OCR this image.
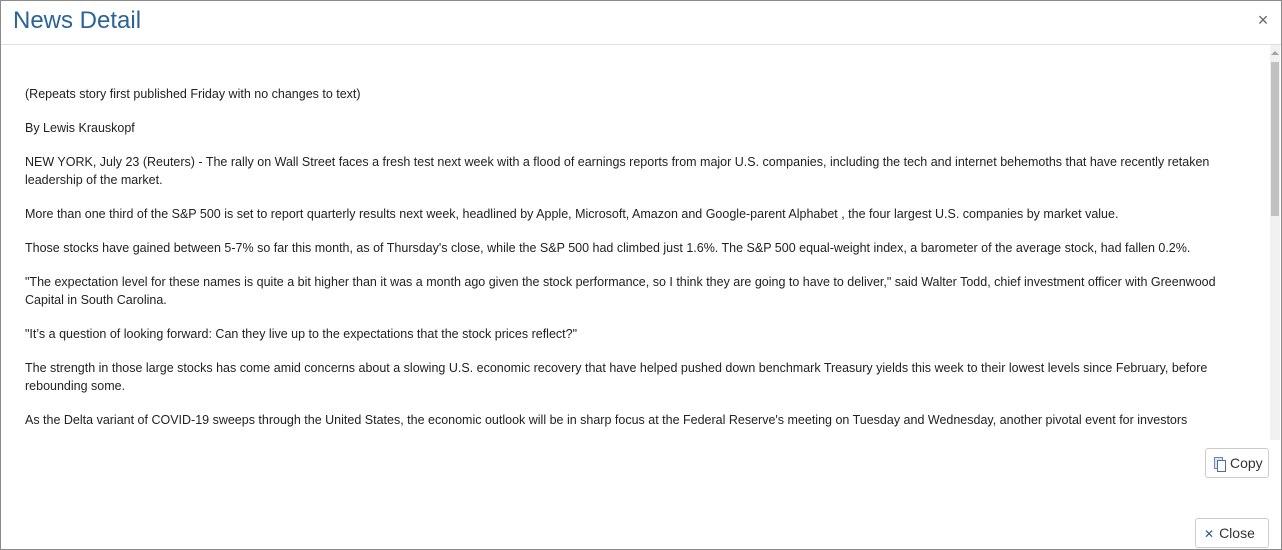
News Detail	×

(Repeats story first published Friday with no changes to text)

By Lewis Krauskopf

NEW YORK, July 23 (Reuters) - The rally on Wall Street faces a fresh test next week with a flood of earnings reports from major U.S. companies, including the tech and internet behemoths that have recently retaken leadership of the market.

More than one third of the S&P 500 is set to report quarterly results next week, headlined by Apple, Microsoft, Amazon and Google-parent Alphabet , the four largest U.S. companies by market value.

Those stocks have gained between 5-7% so far this month, as of Thursday's close, while the S&P 500 had climbed just 1.6%. The S&P 500 equal-weight index, a barometer of the average stock, had fallen 0.2%.

"The expectation level for these names is quite a bit higher than it was a month ago given the stock performance, so I think they are going to have to deliver," said Walter Todd, chief investment officer with Greenwood Capital in South Carolina.

"It’s a question of looking forward: Can they live up to the expectations that the stock prices reflect?"

The strength in those large stocks has come amid concerns about a slowing U.S. economic recovery that have helped pushed down benchmark Treasury yields this week to their lowest levels since February, before rebounding some.

As the Delta variant of COVID-19 sweeps through the United States, the economic outlook will be in sharp focus at the Federal Reserve's meeting on Tuesday and Wednesday, another pivotal event for investors

Copy
✕ Close
